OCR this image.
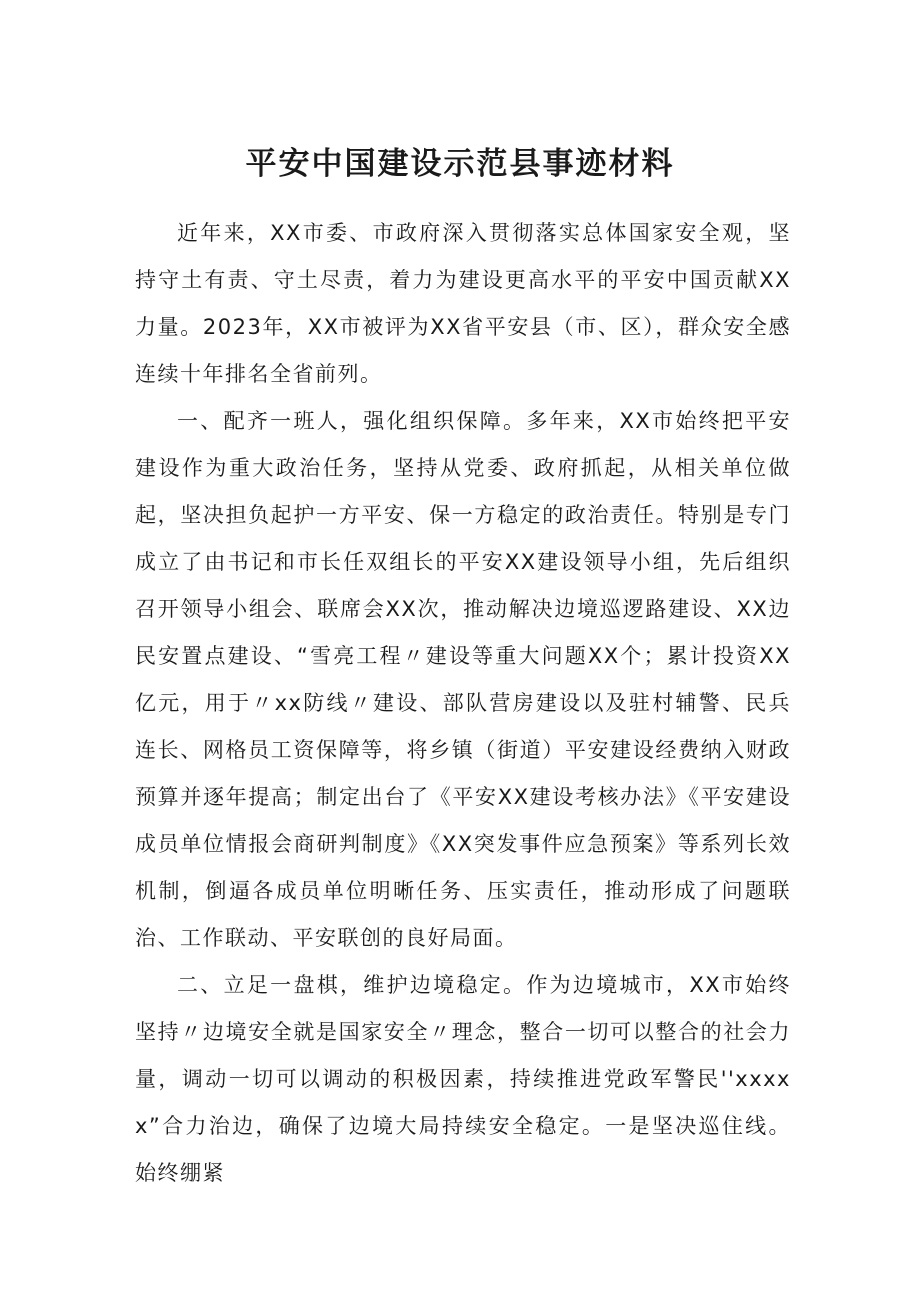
平安中国建设示范县事迹材料

近年来，XX市委、市政府深入贯彻落实总体国家安全观，坚持守土有责、守土尽责，着力为建设更高水平的平安中国贡献XX力量。2023年，XX市被评为XX省平安县（市、区），群众安全感连续十年排名全省前列。

一、配齐一班人，强化组织保障。多年来，XX市始终把平安建设作为重大政治任务，坚持从党委、政府抓起，从相关单位做起，坚决担负起护一方平安、保一方稳定的政治责任。特别是专门成立了由书记和市长任双组长的平安XX建设领导小组，先后组织召开领导小组会、联席会XX次，推动解决边境巡逻路建设、XX边民安置点建设、“雪亮工程〃建设等重大问题XX个；累计投资XX亿元，用于〃xx防线〃建设、部队营房建设以及驻村辅警、民兵连长、网格员工资保障等，将乡镇（街道）平安建设经费纳入财政预算并逐年提高；制定出台了《平安XX建设考核办法》《平安建设成员单位情报会商研判制度》《XX突发事件应急预案》等系列长效机制，倒逼各成员单位明晰任务、压实责任，推动形成了问题联治、工作联动、平安联创的良好局面。

二、立足一盘棋，维护边境稳定。作为边境城市，XX市始终坚持〃边境安全就是国家安全〃理念，整合一切可以整合的社会力量，调动一切可以调动的积极因素，持续推进党政军警民''xxxxx”合力治边，确保了边境大局持续安全稳定。一是坚决巡住线。始终绷紧
